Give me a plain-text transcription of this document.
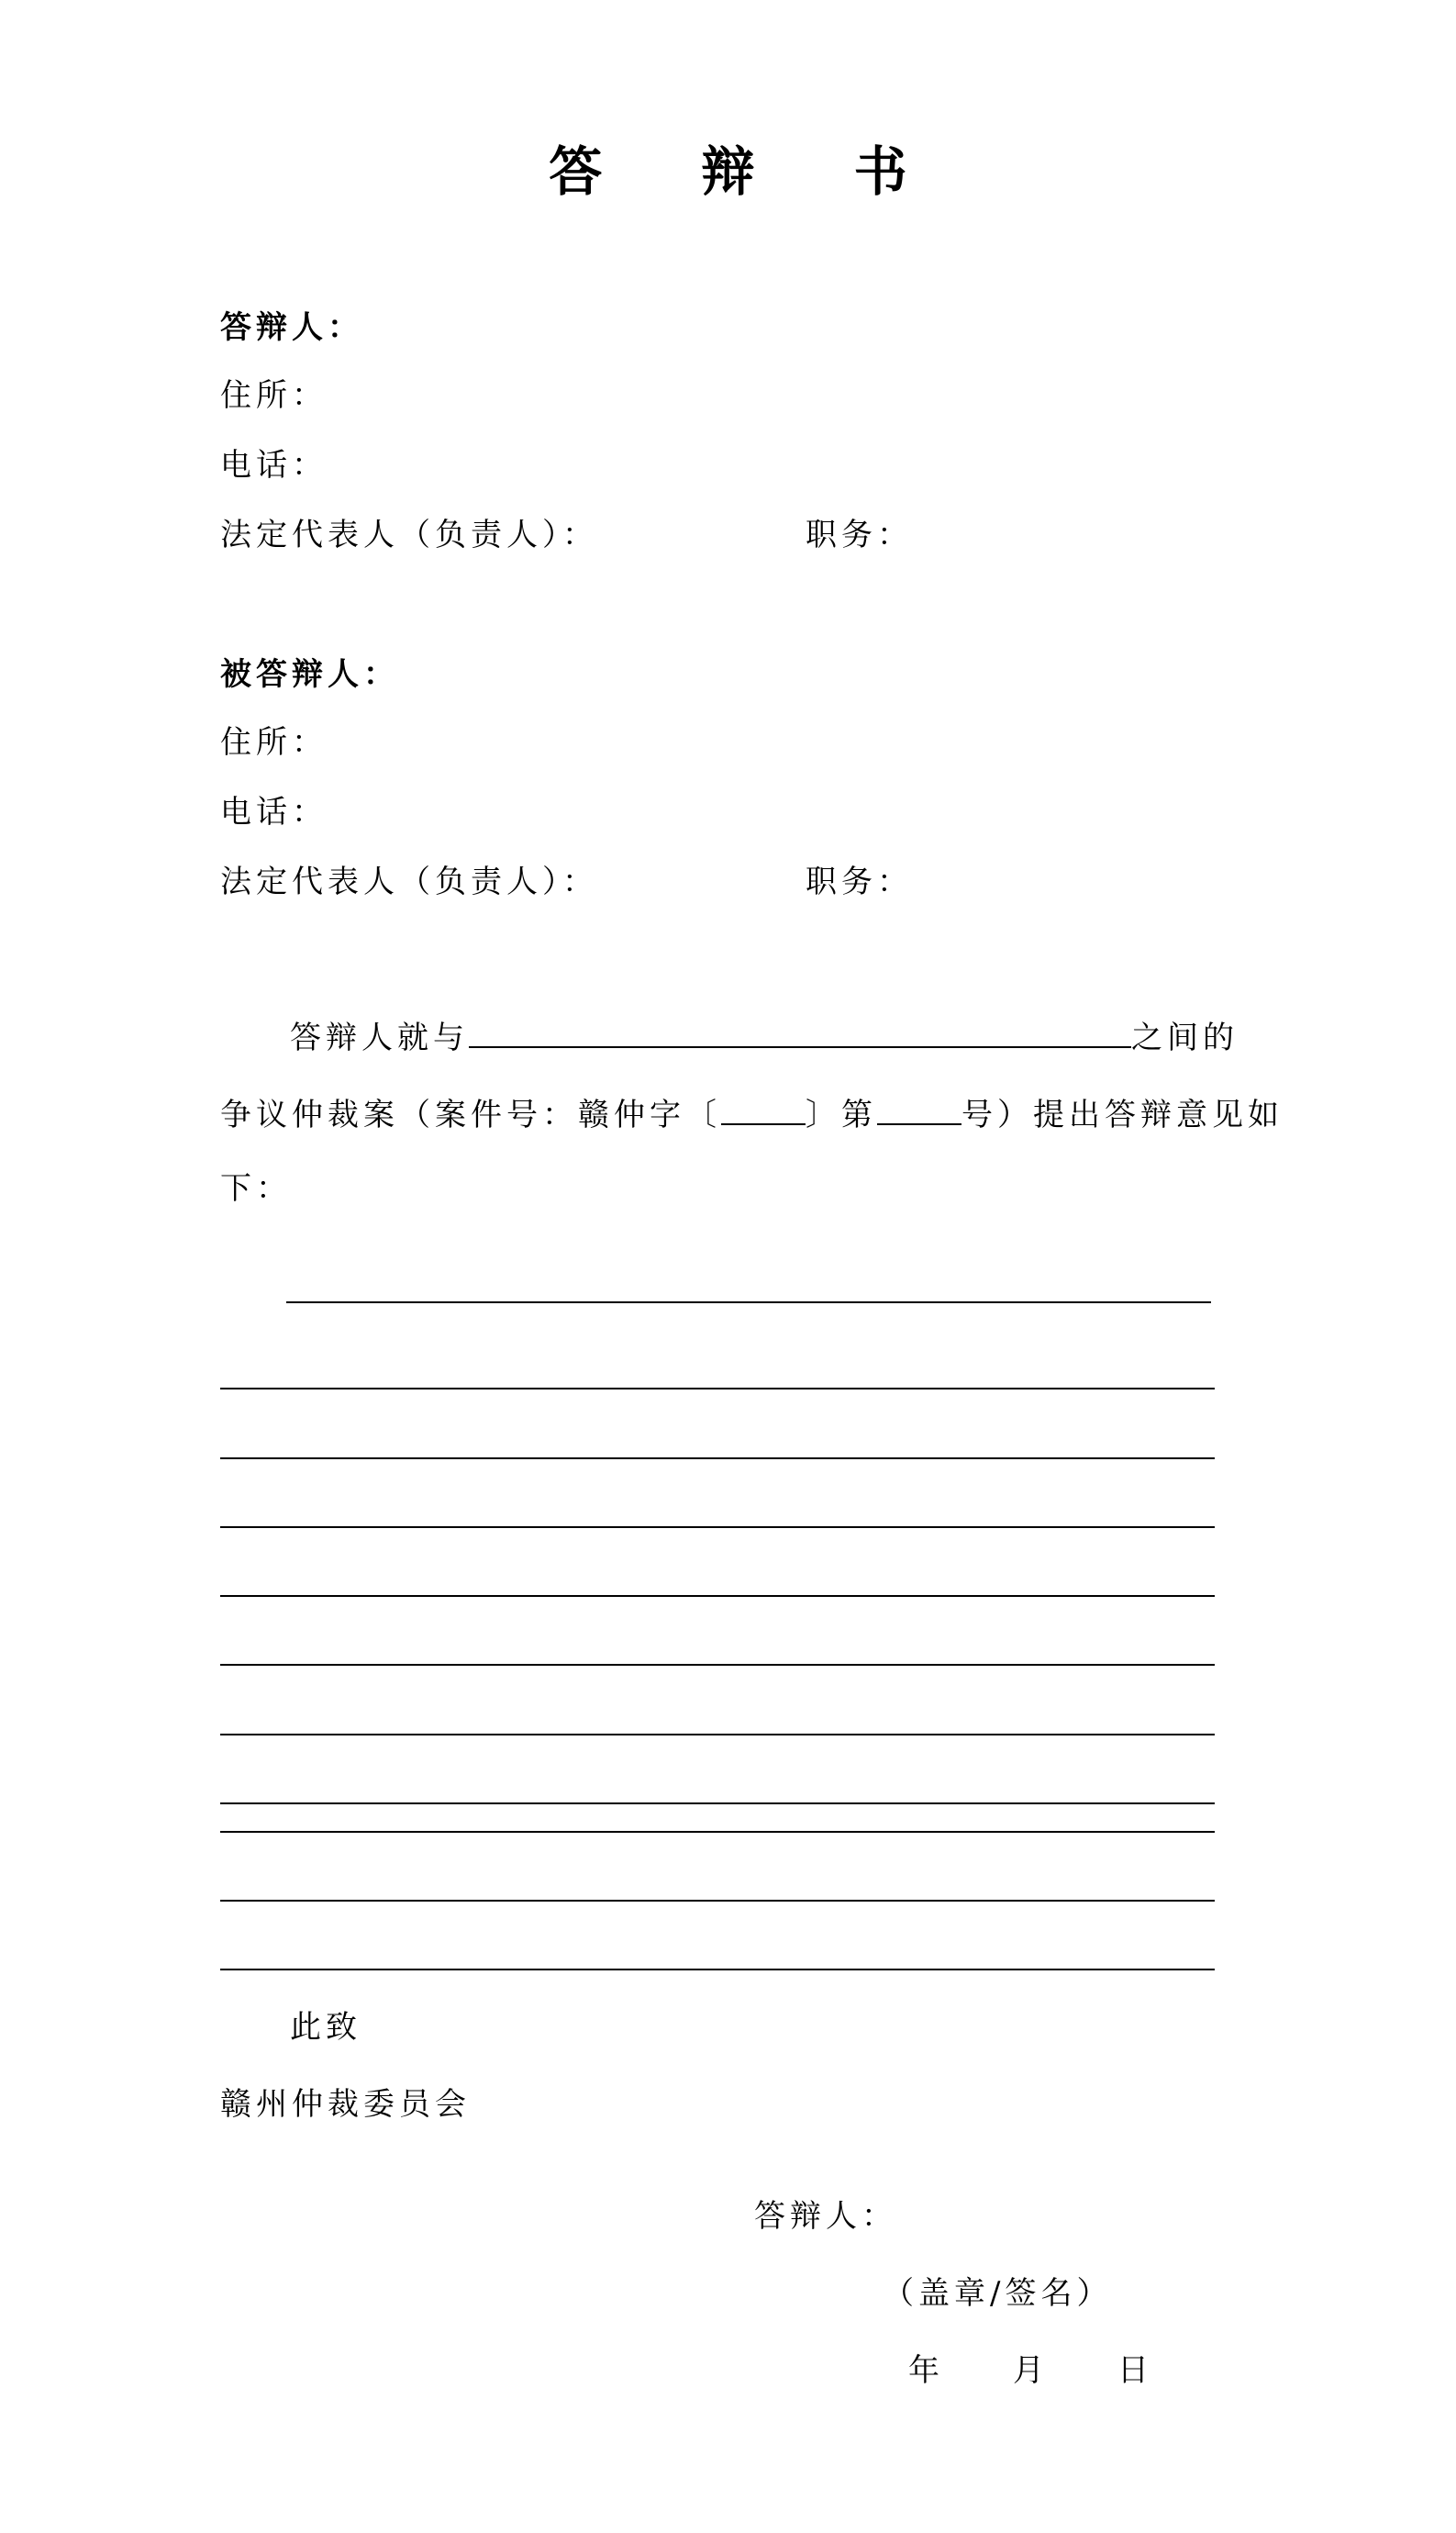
答 辩 书
答辩人：
住所：
电话：
法定代表人（负责人）：	职务：
被答辩人：
住所：
电话：
法定代表人（负责人）：	职务：
答辩人就与	之间的
争议仲裁案（案件号：赣仲字〔	〕第	号）提出答辩意见如
下：
此致
赣州仲裁委员会
答辩人：
（盖章/签名）
年 月 日
